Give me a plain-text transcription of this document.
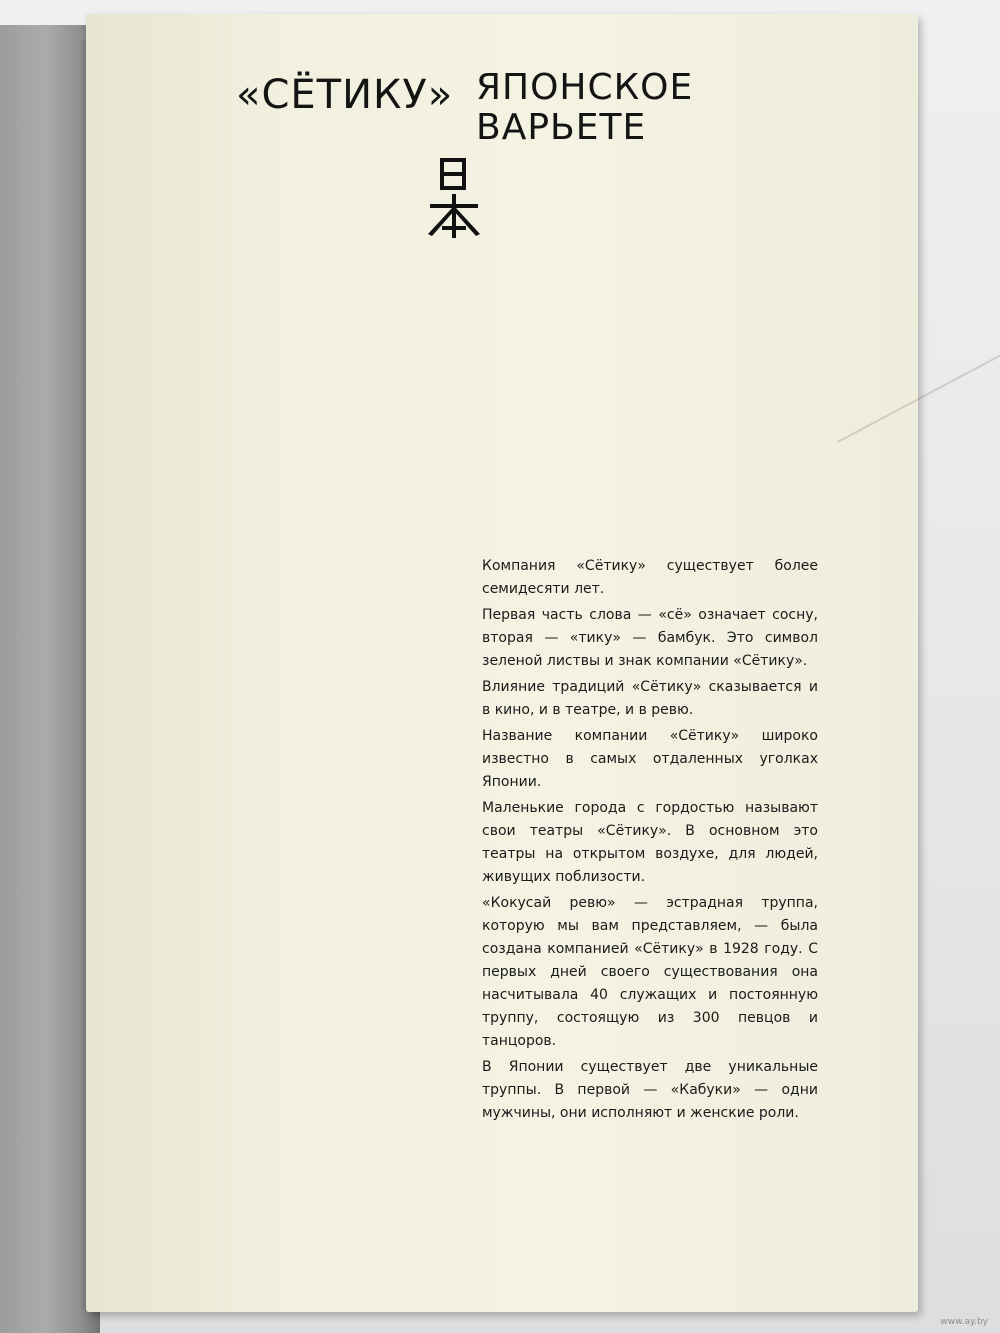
«СЁТИКУ» ЯПОНСКОЕ
ВАРЬЕТЕ

Компания «Сётику» существует более семидесяти лет.

Первая часть слова — «сё» означает сосну, вторая — «тику» — бамбук. Это символ зеленой листвы и знак компании «Сётику».

Влияние традиций «Сётику» сказывается и в кино, и в театре, и в ревю.

Название компании «Сётику» широко известно в самых отдаленных уголках Японии.

Маленькие города с гордостью называют свои театры «Сётику». В основном это театры на открытом воздухе, для людей, живущих поблизости.

«Кокусай ревю» — эстрадная труппа, которую мы вам представляем, — была создана компанией «Сётику» в 1928 году. С первых дней своего существования она насчитывала 40 служащих и постоянную труппу, состоящую из 300 певцов и танцоров.

В Японии существует две уникальные труппы. В первой — «Кабуки» — одни мужчины, они исполняют и женские роли.

www.ay.by
